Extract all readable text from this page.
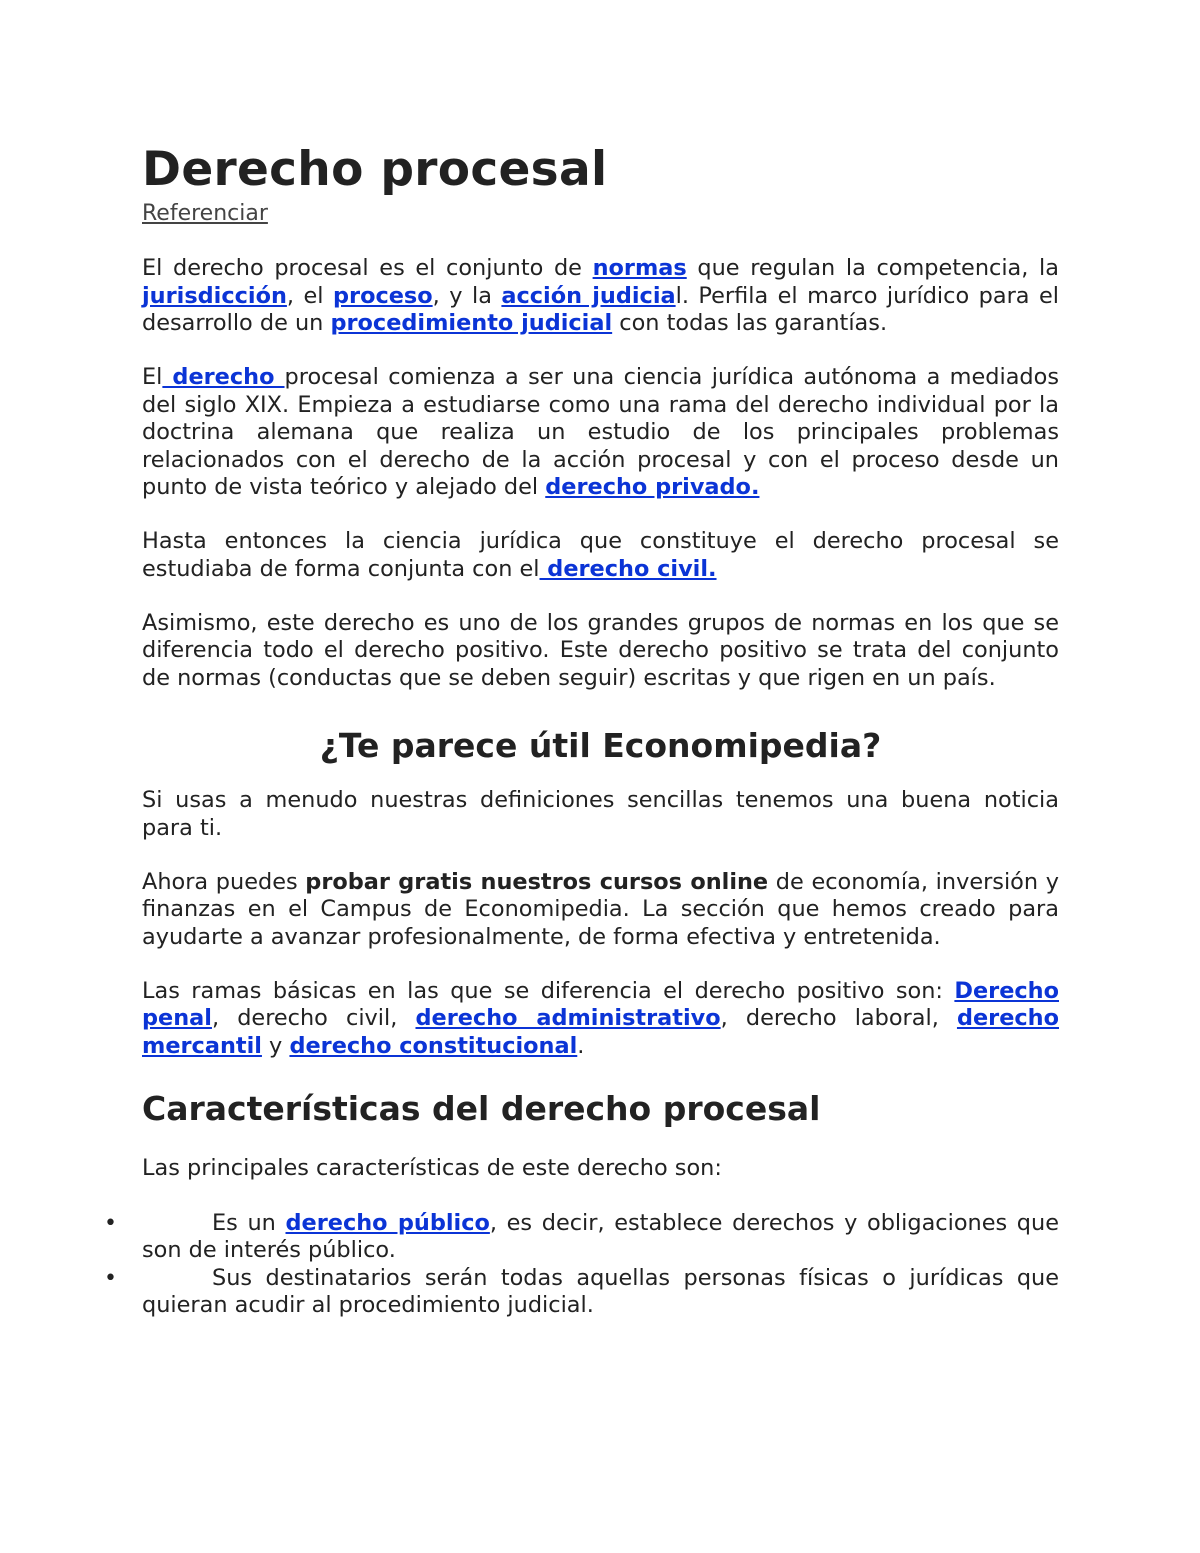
Derecho procesal
Referenciar

El derecho procesal es el conjunto de normas que regulan la competencia, la jurisdicción, el proceso, y la acción judicial. Perfila el marco jurídico para el desarrollo de un procedimiento judicial con todas las garantías.

El derecho procesal comienza a ser una ciencia jurídica autónoma a mediados del siglo XIX. Empieza a estudiarse como una rama del derecho individual por la doctrina alemana que realiza un estudio de los principales problemas relacionados con el derecho de la acción procesal y con el proceso desde un punto de vista teórico y alejado del derecho privado.

Hasta entonces la ciencia jurídica que constituye el derecho procesal se estudiaba de forma conjunta con el derecho civil.

Asimismo, este derecho es uno de los grandes grupos de normas en los que se diferencia todo el derecho positivo. Este derecho positivo se trata del conjunto de normas (conductas que se deben seguir) escritas y que rigen en un país.

¿Te parece útil Economipedia?

Si usas a menudo nuestras definiciones sencillas tenemos una buena noticia para ti.

Ahora puedes probar gratis nuestros cursos online de economía, inversión y finanzas en el Campus de Economipedia. La sección que hemos creado para ayudarte a avanzar profesionalmente, de forma efectiva y entretenida.

Las ramas básicas en las que se diferencia el derecho positivo son: Derecho penal, derecho civil, derecho administrativo, derecho laboral, derecho mercantil y derecho constitucional.

Características del derecho procesal

Las principales características de este derecho son:

•	Es un derecho público, es decir, establece derechos y obligaciones que son de interés público.
•	Sus destinatarios serán todas aquellas personas físicas o jurídicas que quieran acudir al procedimiento judicial.
